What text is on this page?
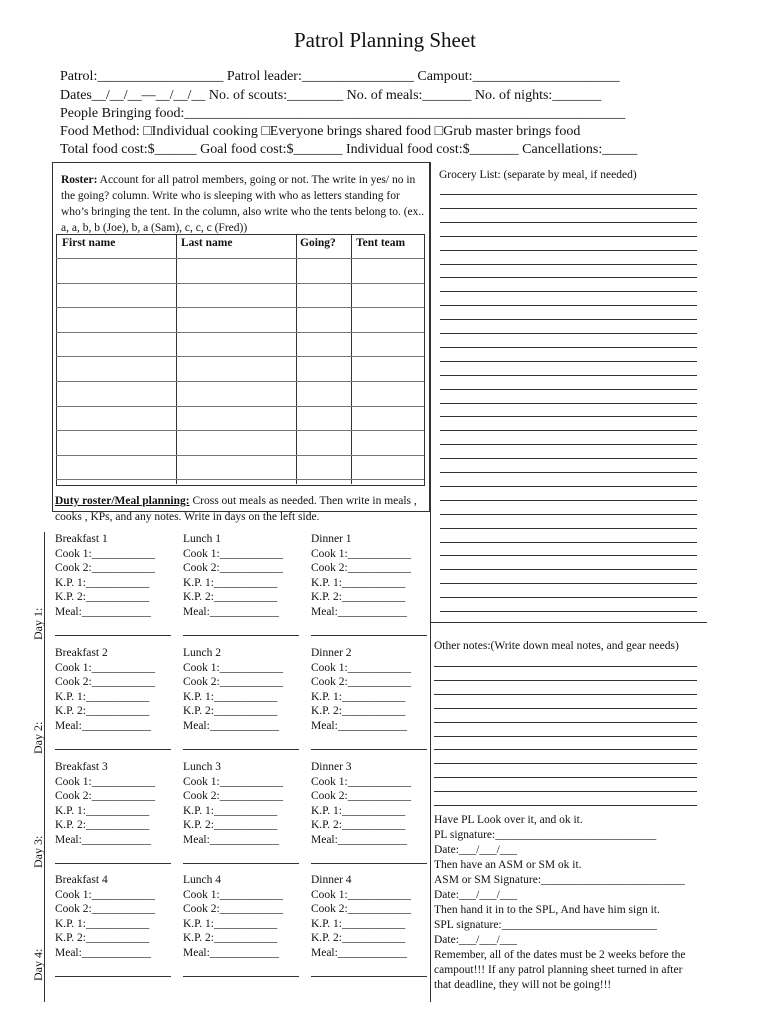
Patrol Planning Sheet
Patrol:__________________ Patrol leader:________________ Campout:_____________________
Dates__/__/__—__/__/__ No. of scouts:________ No. of meals:_______ No. of nights:_______
People Bringing food:_______________________________________________________________
Food Method: □Individual cooking □Everyone brings shared food □Grub master brings food
Total food cost:$______ Goal food cost:$_______ Individual food cost:$_______ Cancellations:_____
Roster: Account for all patrol members, going or not. The write in yes/ no in the going? column. Write who is sleeping with who as letters standing for who’s bringing the tent. In the column, also write who the tents belong to. (ex.. a, a, b, b (Joe), b, a (Sam), c, c, c (Fred))
First name	Last name	Going? Tent team
Duty roster/Meal planning: Cross out meals as needed. Then write in meals , cooks , KPs, and any notes. Write in days on the left side.
Breakfast 1
Cook 1:___________
Cook 2:___________
K.P. 1:___________
K.P. 2:___________
Meal:____________
Lunch 1
Cook 1:___________
Cook 2:___________
K.P. 1:___________
K.P. 2:___________
Meal:____________
Dinner 1
Cook 1:___________
Cook 2:___________
K.P. 1:___________
K.P. 2:___________
Meal:____________
Day 1:
Breakfast 2
Cook 1:___________
Cook 2:___________
K.P. 1:___________
K.P. 2:___________
Meal:____________
Lunch 2
Cook 1:___________
Cook 2:___________
K.P. 1:___________
K.P. 2:___________
Meal:____________
Dinner 2
Cook 1:___________
Cook 2:___________
K.P. 1:___________
K.P. 2:___________
Meal:____________
Day 2:
Breakfast 3
Cook 1:___________
Cook 2:___________
K.P. 1:___________
K.P. 2:___________
Meal:____________
Lunch 3
Cook 1:___________
Cook 2:___________
K.P. 1:___________
K.P. 2:___________
Meal:____________
Dinner 3
Cook 1:___________
Cook 2:___________
K.P. 1:___________
K.P. 2:___________
Meal:____________
Day 3:
Breakfast 4
Cook 1:___________
Cook 2:___________
K.P. 1:___________
K.P. 2:___________
Meal:____________
Lunch 4
Cook 1:___________
Cook 2:___________
K.P. 1:___________
K.P. 2:___________
Meal:____________
Dinner 4
Cook 1:___________
Cook 2:___________
K.P. 1:___________
K.P. 2:___________
Meal:____________
Day 4:
Grocery List: (separate by meal, if needed)
Other notes:(Write down meal notes, and gear needs)
Have PL Look over it, and ok it.
PL signature:____________________________
Date:___/___/___
Then have an ASM or SM ok it.
ASM or SM Signature:_________________________
Date:___/___/___
Then hand it in to the SPL, And have him sign it.
SPL signature:___________________________
Date:___/___/___
Remember, all of the dates must be 2 weeks before the
campout!!! If any patrol planning sheet turned in after
that deadline, they will not be going!!!
